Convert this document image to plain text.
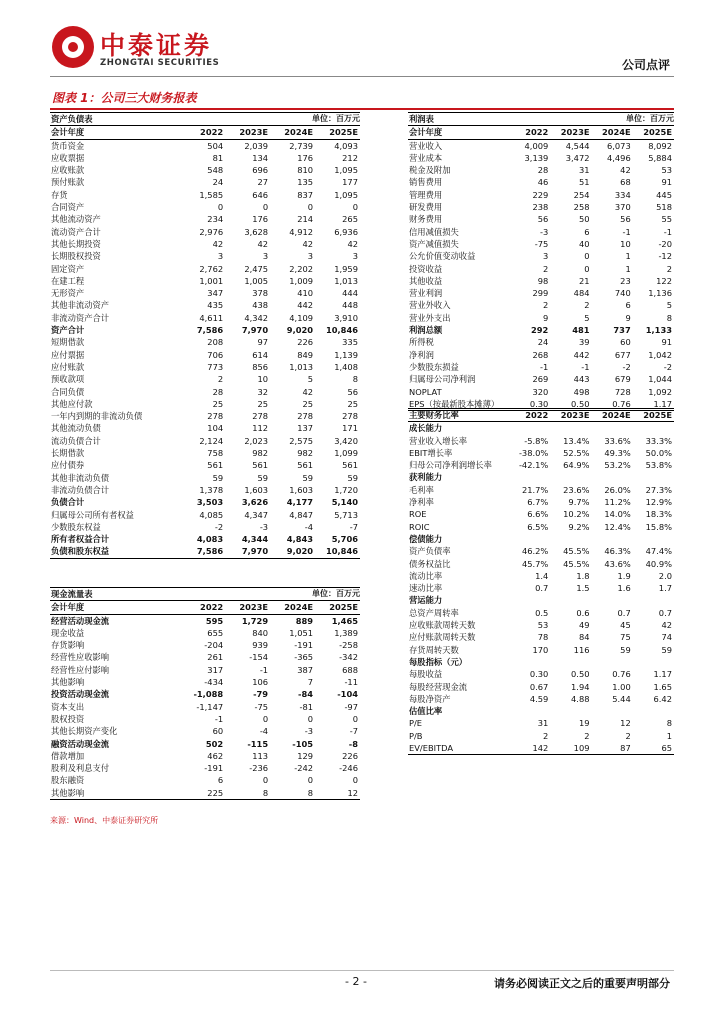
中泰证券
ZHONGTAI SECURITIES	公司点评
图表 1：公司三大财务报表
资产负债表			单位：百万元	
会计年度	2022	2023E	2024E	2025E
货币资金	504	2,039	2,739	4,093
应收票据	81	134	176	212
应收账款	548	696	810	1,095
预付账款	24	27	135	177
存货	1,585	646	837	1,095
合同资产	0	0	0	0
其他流动资产	234	176	214	265
流动资产合计	2,976	3,628	4,912	6,936
其他长期投资	42	42	42	42
长期股权投资	3	3	3	3
固定资产	2,762	2,475	2,202	1,959
在建工程	1,001	1,005	1,009	1,013
无形资产	347	378	410	444
其他非流动资产	435	438	442	448
非流动资产合计	4,611	4,342	4,109	3,910
资产合计	7,586	7,970	9,020	10,846
短期借款	208	97	226	335
应付票据	706	614	849	1,139
应付账款	773	856	1,013	1,408
预收款项	2	10	5	8
合同负债	28	32	42	56
其他应付款	25	25	25	25
一年内到期的非流动负债	278	278	278	278
其他流动负债	104	112	137	171
流动负债合计	2,124	2,023	2,575	3,420
长期借款	758	982	982	1,099
应付债券	561	561	561	561
其他非流动负债	59	59	59	59
非流动负债合计	1,378	1,603	1,603	1,720
负债合计	3,503	3,626	4,177	5,140
归属母公司所有者权益	4,085	4,347	4,847	5,713
少数股东权益	-2	-3	-4	-7
所有者权益合计	4,083	4,344	4,843	5,706
负债和股东权益	7,586	7,970	9,020	10,846
现金流量表			单位：百万元	
会计年度	2022	2023E	2024E	2025E
经营活动现金流	595	1,729	889	1,465
现金收益	655	840	1,051	1,389
存货影响	-204	939	-191	-258
经营性应收影响	261	-154	-365	-342
经营性应付影响	317	-1	387	688
其他影响	-434	106	7	-11
投资活动现金流	-1,088	-79	-84	-104
资本支出	-1,147	-75	-81	-97
股权投资	-1	0	0	0
其他长期资产变化	60	-4	-3	-7
融资活动现金流	502	-115	-105	-8
借款增加	462	113	129	226
股利及利息支付	-191	-236	-242	-246
股东融资	6	0	0	0
其他影响	225	8	8	12
利润表			单位：百万元	
会计年度	2022	2023E	2024E	2025E
营业收入	4,009	4,544	6,073	8,092
营业成本	3,139	3,472	4,496	5,884
税金及附加	28	31	42	53
销售费用	46	51	68	91
管理费用	229	254	334	445
研发费用	238	258	370	518
财务费用	56	50	56	55
信用减值损失	-3	6	-1	-1
资产减值损失	-75	40	10	-20
公允价值变动收益	3	0	1	-12
投资收益	2	0	1	2
其他收益	98	21	23	122
营业利润	299	484	740	1,136
营业外收入	2	2	6	5
营业外支出	9	5	9	8
利润总额	292	481	737	1,133
所得税	24	39	60	91
净利润	268	442	677	1,042
少数股东损益	-1	-1	-2	-2
归属母公司净利润	269	443	679	1,044
NOPLAT	320	498	728	1,092
EPS（按最新股本摊薄）	0.30	0.50	0.76	1.17
主要财务比率	2022	2023E	2024E	2025E
成长能力				
营业收入增长率	-5.8%	13.4%	33.6%	33.3%
EBIT增长率	-38.0%	52.5%	49.3%	50.0%
归母公司净利润增长率	-42.1%	64.9%	53.2%	53.8%
获利能力				
毛利率	21.7%	23.6%	26.0%	27.3%
净利率	6.7%	9.7%	11.2%	12.9%
ROE	6.6%	10.2%	14.0%	18.3%
ROIC	6.5%	9.2%	12.4%	15.8%
偿债能力				
资产负债率	46.2%	45.5%	46.3%	47.4%
债务权益比	45.7%	45.5%	43.6%	40.9%
流动比率	1.4	1.8	1.9	2.0
速动比率	0.7	1.5	1.6	1.7
营运能力				
总资产周转率	0.5	0.6	0.7	0.7
应收账款周转天数	53	49	45	42
应付账款周转天数	78	84	75	74
存货周转天数	170	116	59	59
每股指标（元）				
每股收益	0.30	0.50	0.76	1.17
每股经营现金流	0.67	1.94	1.00	1.65
每股净资产	4.59	4.88	5.44	6.42
估值比率				
P/E	31	19	12	8
P/B	2	2	2	1
EV/EBITDA	142	109	87	65
来源：Wind、中泰证券研究所
- 2 -	请务必阅读正文之后的重要声明部分
